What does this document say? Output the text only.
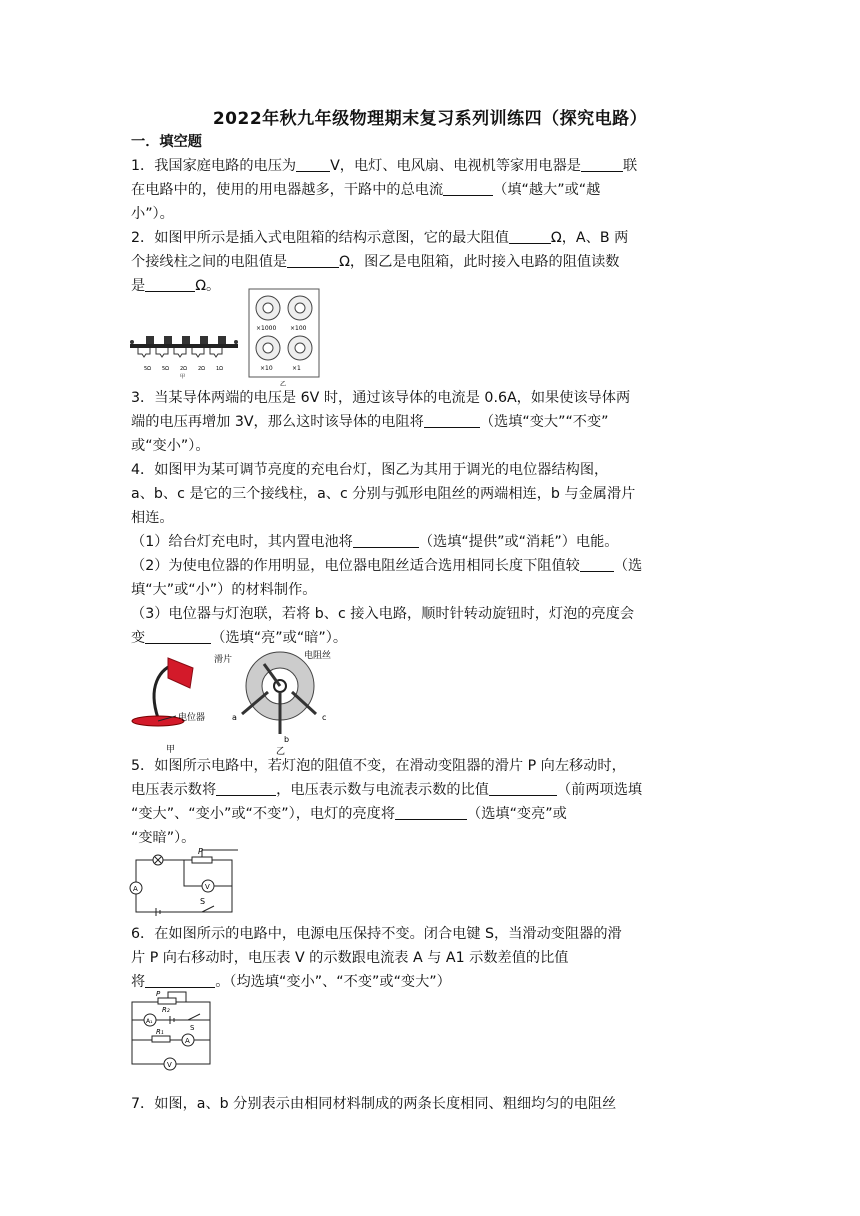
2022年秋九年级物理期末复习系列训练四（探究电路）
一．填空题
1．我国家庭电路的电压为 V，电灯、电风扇、电视机等家用电器是	联
在电路中的，使用的用电器越多，干路中的总电流	（填“越大”或“越
小”）。
2．如图甲所示是插入式电阻箱的结构示意图，它的最大阻值	Ω，A、B 两
个接线柱之间的电阻值是	Ω，图乙是电阻箱，此时接入电路的阻值读数
是	Ω。
5Ω 5Ω 2Ω 2Ω 1Ω
甲
×1000 ×100
×10	×1
乙
3．当某导体两端的电压是 6V 时，通过该导体的电流是 0.6A，如果使该导体两
端的电压再增加 3V，那么这时该导体的电阻将	（选填“变大”“不变”
或“变小”）。
4．如图甲为某可调节亮度的充电台灯，图乙为其用于调光的电位器结构图，
a、b、c 是它的三个接线柱，a、c 分别与弧形电阻丝的两端相连，b 与金属滑片
相连。
（1）给台灯充电时，其内置电池将	（选填“提供”或“消耗”）电能。
（2）为使电位器的作用明显，电位器电阻丝适合选用相同长度下阻值较 （选
填“大”或“小”）的材料制作。
（3）电位器与灯泡联，若将 b、c 接入电路，顺时针转动旋钮时，灯泡的亮度会
变	（选填“亮”或“暗”）。
电位器
甲
滑片	电阻丝
a
b
c
乙
5．如图所示电路中，若灯泡的阻值不变，在滑动变阻器的滑片 P 向左移动时，
电压表示数将	，电压表示数与电流表示数的比值	（前两项选填
“变大”、“变小”或“不变”），电灯的亮度将	（选填“变亮”或
“变暗”）。
P
A	V
S
6．在如图所示的电路中，电源电压保持不变。闭合电键 S，当滑动变阻器的滑
片 P 向右移动时，电压表 V 的示数跟电流表 A 与 A1 示数差值的比值
将	。（均选填“变小”、“不变”或“变大”）
P
R₂
R₁	S
A₁
A
V
7．如图，a、b 分别表示由相同材料制成的两条长度相同、粗细均匀的电阻丝
